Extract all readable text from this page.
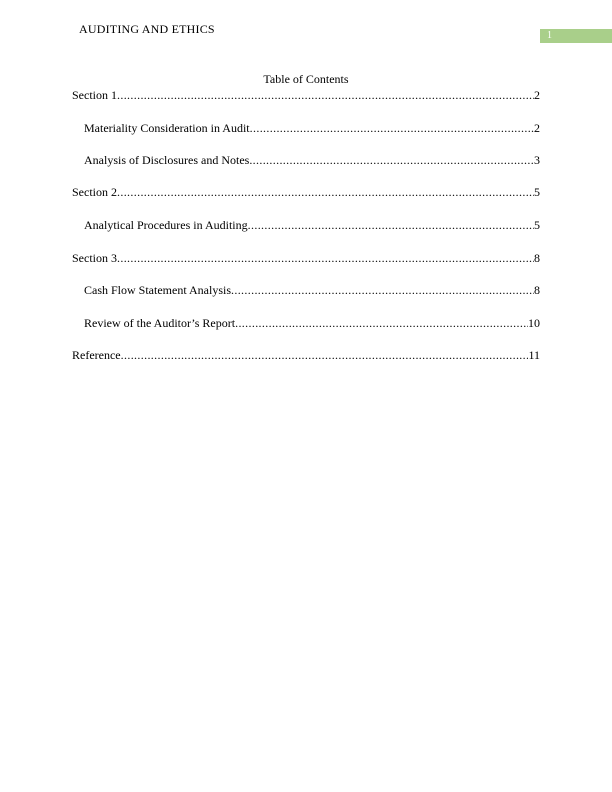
AUDITING AND ETHICS	1
Table of Contents
Section 1 .....	2
Materiality Consideration in Audit .....	2
Analysis of Disclosures and Notes .....	3
Section 2 .....	5
Analytical Procedures in Auditing .....	5
Section 3 .....	8
Cash Flow Statement Analysis .....	8
Review of the Auditor’s Report .....	10
Reference .....	11
